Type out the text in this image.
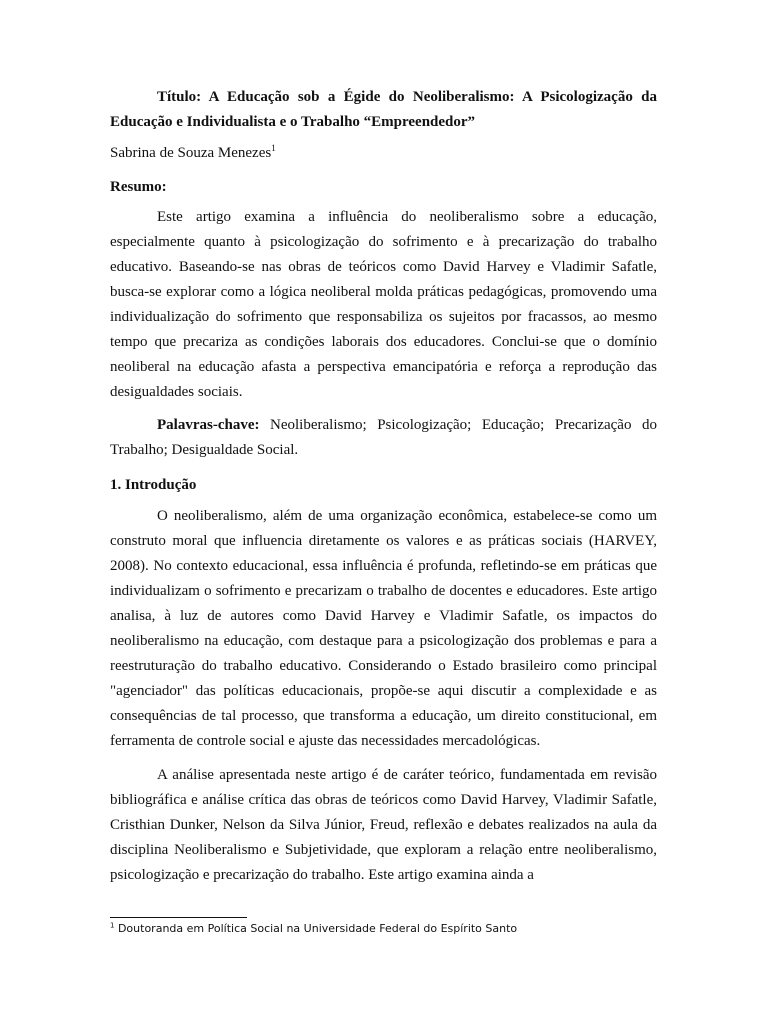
Título: A Educação sob a Égide do Neoliberalismo: A Psicologização da Educação e Individualista e o Trabalho “Empreendedor”

Sabrina de Souza Menezes$^1$

Resumo:

Este artigo examina a influência do neoliberalismo sobre a educação, especialmente quanto à psicologização do sofrimento e à precarização do trabalho educativo. Baseando-se nas obras de teóricos como David Harvey e Vladimir Safatle, busca-se explorar como a lógica neoliberal molda práticas pedagógicas, promovendo uma individualização do sofrimento que responsabiliza os sujeitos por fracassos, ao mesmo tempo que precariza as condições laborais dos educadores. Conclui-se que o domínio neoliberal na educação afasta a perspectiva emancipatória e reforça a reprodução das desigualdades sociais.

Palavras-chave: Neoliberalismo; Psicologização; Educação; Precarização do Trabalho; Desigualdade Social.

1. Introdução

O neoliberalismo, além de uma organização econômica, estabelece-se como um construto moral que influencia diretamente os valores e as práticas sociais (HARVEY, 2008). No contexto educacional, essa influência é profunda, refletindo-se em práticas que individualizam o sofrimento e precarizam o trabalho de docentes e educadores. Este artigo analisa, à luz de autores como David Harvey e Vladimir Safatle, os impactos do neoliberalismo na educação, com destaque para a psicologização dos problemas e para a reestruturação do trabalho educativo. Considerando o Estado brasileiro como principal "agenciador" das políticas educacionais, propõe-se aqui discutir a complexidade e as consequências de tal processo, que transforma a educação, um direito constitucional, em ferramenta de controle social e ajuste das necessidades mercadológicas.

A análise apresentada neste artigo é de caráter teórico, fundamentada em revisão bibliográfica e análise crítica das obras de teóricos como David Harvey, Vladimir Safatle, Cristhian Dunker, Nelson da Silva Júnior, Freud, reflexão e debates realizados na aula da disciplina Neoliberalismo e Subjetividade, que exploram a relação entre neoliberalismo, psicologização e precarização do trabalho. Este artigo examina ainda a

$^1$ Doutoranda em Política Social na Universidade Federal do Espírito Santo
